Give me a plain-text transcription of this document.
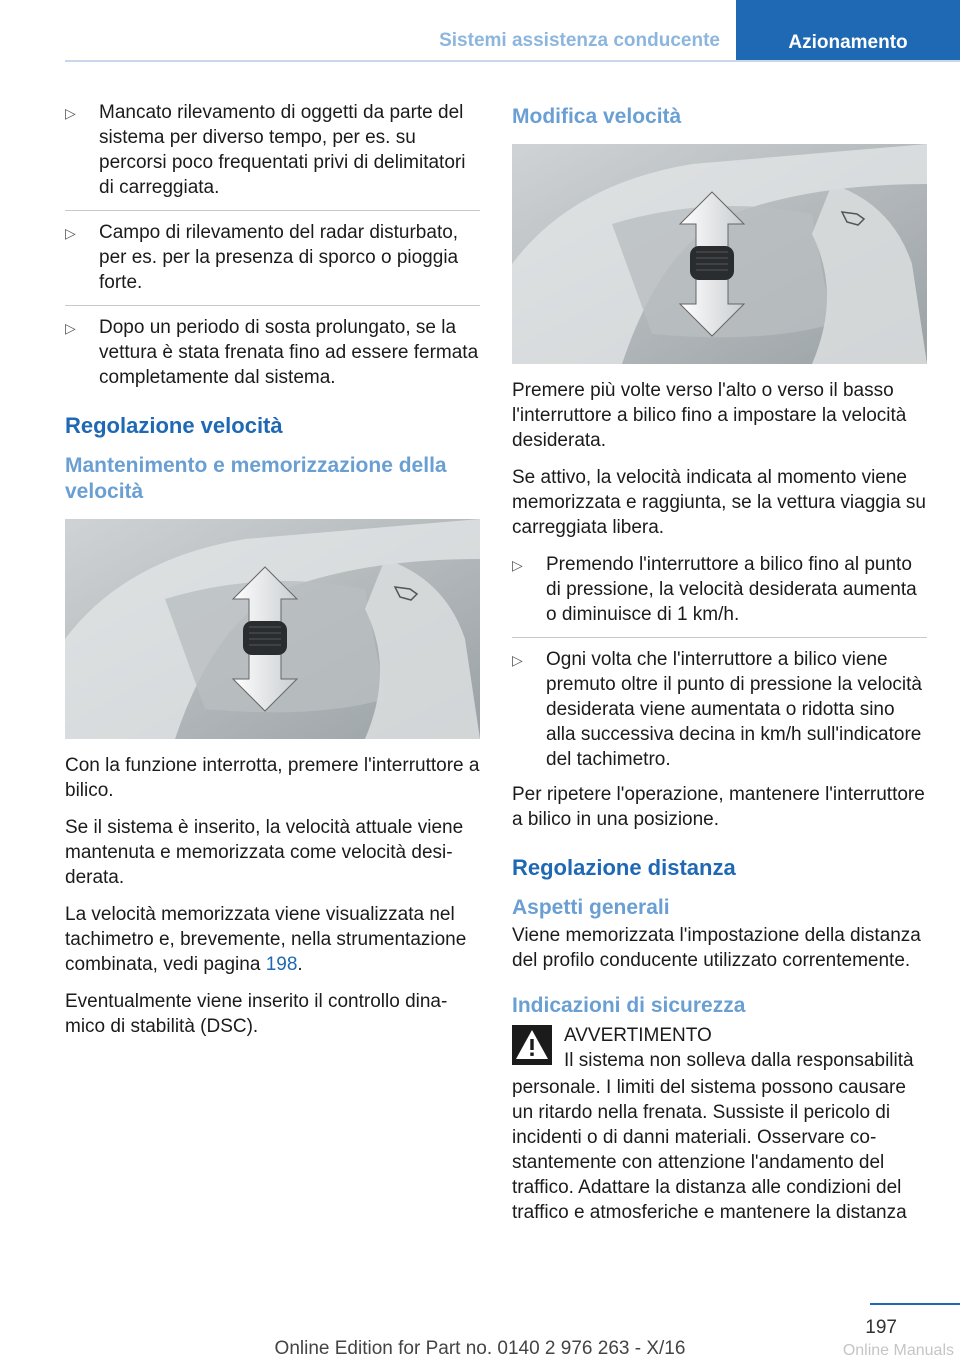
Sistemi assistenza conducente	Azionamento
▷ Mancato rilevamento di oggetti da parte del sistema per diverso tempo, per es. su percorsi poco frequentati privi di delimitatori di carreggiata.
▷ Campo di rilevamento del radar disturbato, per es. per la presenza di sporco o pioggia forte.
▷ Dopo un periodo di sosta prolungato, se la vettura è stata frenata fino ad essere fermata completamente dal sistema.
Regolazione velocità
Mantenimento e memorizzazione della velocità

Con la funzione interrotta, premere l'interruttore a bilico.

Se il sistema è inserito, la velocità attuale viene mantenuta e memorizzata come velocità desiderata.

La velocità memorizzata viene visualizzata nel tachimetro e, brevemente, nella strumentazione combinata, vedi pagina 198.

Eventualmente viene inserito il controllo dinamico di stabilità (DSC).

Modifica velocità

Premere più volte verso l'alto o verso il basso l'interruttore a bilico fino a impostare la velocità desiderata.

Se attivo, la velocità indicata al momento viene memorizzata e raggiunta, se la vettura viaggia su carreggiata libera.

▷ Premendo l'interruttore a bilico fino al punto di pressione, la velocità desiderata aumenta o diminuisce di 1 km/h.
▷ Ogni volta che l'interruttore a bilico viene premuto oltre il punto di pressione la velocità desiderata viene aumentata o ridotta sino alla successiva decina in km/h sull'indicatore del tachimetro.

Per ripetere l'operazione, mantenere l'interruttore a bilico in una posizione.

Regolazione distanza
Aspetti generali

Viene memorizzata l'impostazione della distanza del profilo conducente utilizzato correntemente.

Indicazioni di sicurezza
AVVERTIMENTO
Il sistema non solleva dalla responsabilità

personale. I limiti del sistema possono causare un ritardo nella frenata. Sussiste il pericolo di incidenti o di danni materiali. Osservare costantemente con attenzione l'andamento del traffico. Adattare la distanza alle condizioni del traffico e atmosferiche e mantenere la distanza

197
Online Edition for Part no. 0140 2 976 263 - X/16	Online Manuals
